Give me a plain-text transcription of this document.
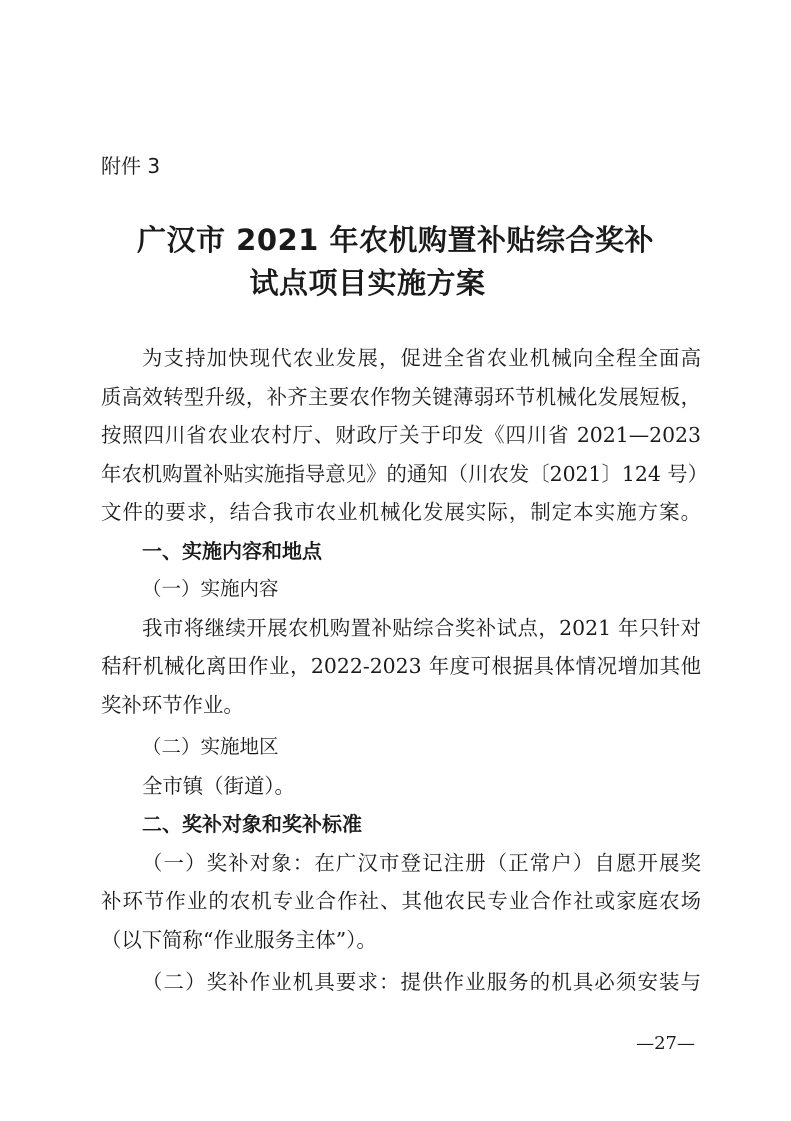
附件 3
广汉市 2021 年农机购置补贴综合奖补
试点项目实施方案
为支持加快现代农业发展，促进全省农业机械向全程全面高
质高效转型升级，补齐主要农作物关键薄弱环节机械化发展短板，
按照四川省农业农村厅、财政厅关于印发《四川省 2021—2023
年农机购置补贴实施指导意见》的通知（川农发〔2021〕124 号）
文件的要求，结合我市农业机械化发展实际，制定本实施方案。
一、实施内容和地点
（一）实施内容
我市将继续开展农机购置补贴综合奖补试点，2021 年只针对
秸秆机械化离田作业，2022-2023 年度可根据具体情况增加其他
奖补环节作业。
（二）实施地区
全市镇（街道）。
二、奖补对象和奖补标准
（一）奖补对象：在广汉市登记注册（正常户）自愿开展奖
补环节作业的农机专业合作社、其他农民专业合作社或家庭农场
（以下简称“作业服务主体”）。
（二）奖补作业机具要求：提供作业服务的机具必须安装与
—27—
